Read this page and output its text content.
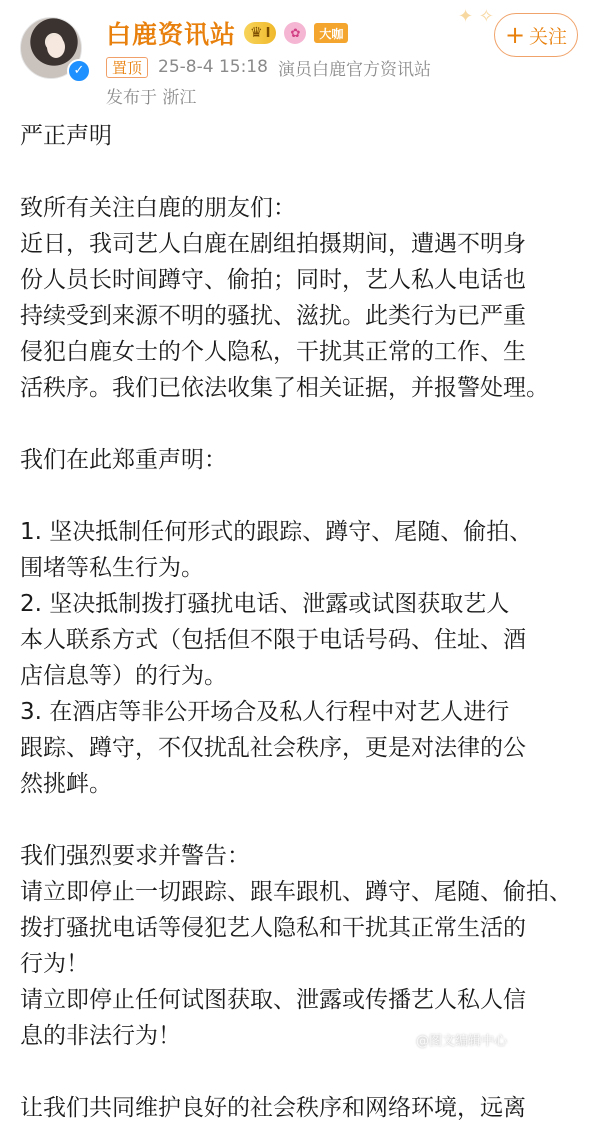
✓
白鹿资讯站 ♛ I	✿	大咖
✦ ✧
+ 关注
置顶 25-8-4 15:18 演员白鹿官方资讯站
发布于 浙江
严正声明
致所有关注白鹿的朋友们：
近日，我司艺人白鹿在剧组拍摄期间，遭遇不明身
份人员长时间蹲守、偷拍；同时，艺人私人电话也
持续受到来源不明的骚扰、滋扰。此类行为已严重
侵犯白鹿女士的个人隐私，干扰其正常的工作、生
活秩序。我们已依法收集了相关证据，并报警处理。
我们在此郑重声明：
1. 坚决抵制任何形式的跟踪、蹲守、尾随、偷拍、
围堵等私生行为。
2. 坚决抵制拨打骚扰电话、泄露或试图获取艺人
本人联系方式（包括但不限于电话号码、住址、酒
店信息等）的行为。
3. 在酒店等非公开场合及私人行程中对艺人进行
跟踪、蹲守，不仅扰乱社会秩序，更是对法律的公
然挑衅。
我们强烈要求并警告：
请立即停止一切跟踪、跟车跟机、蹲守、尾随、偷拍、
拨打骚扰电话等侵犯艺人隐私和干扰其正常生活的
行为！
请立即停止任何试图获取、泄露或传播艺人私人信
息的非法行为！
让我们共同维护良好的社会秩序和网络环境，远离
@图文编辑中心
